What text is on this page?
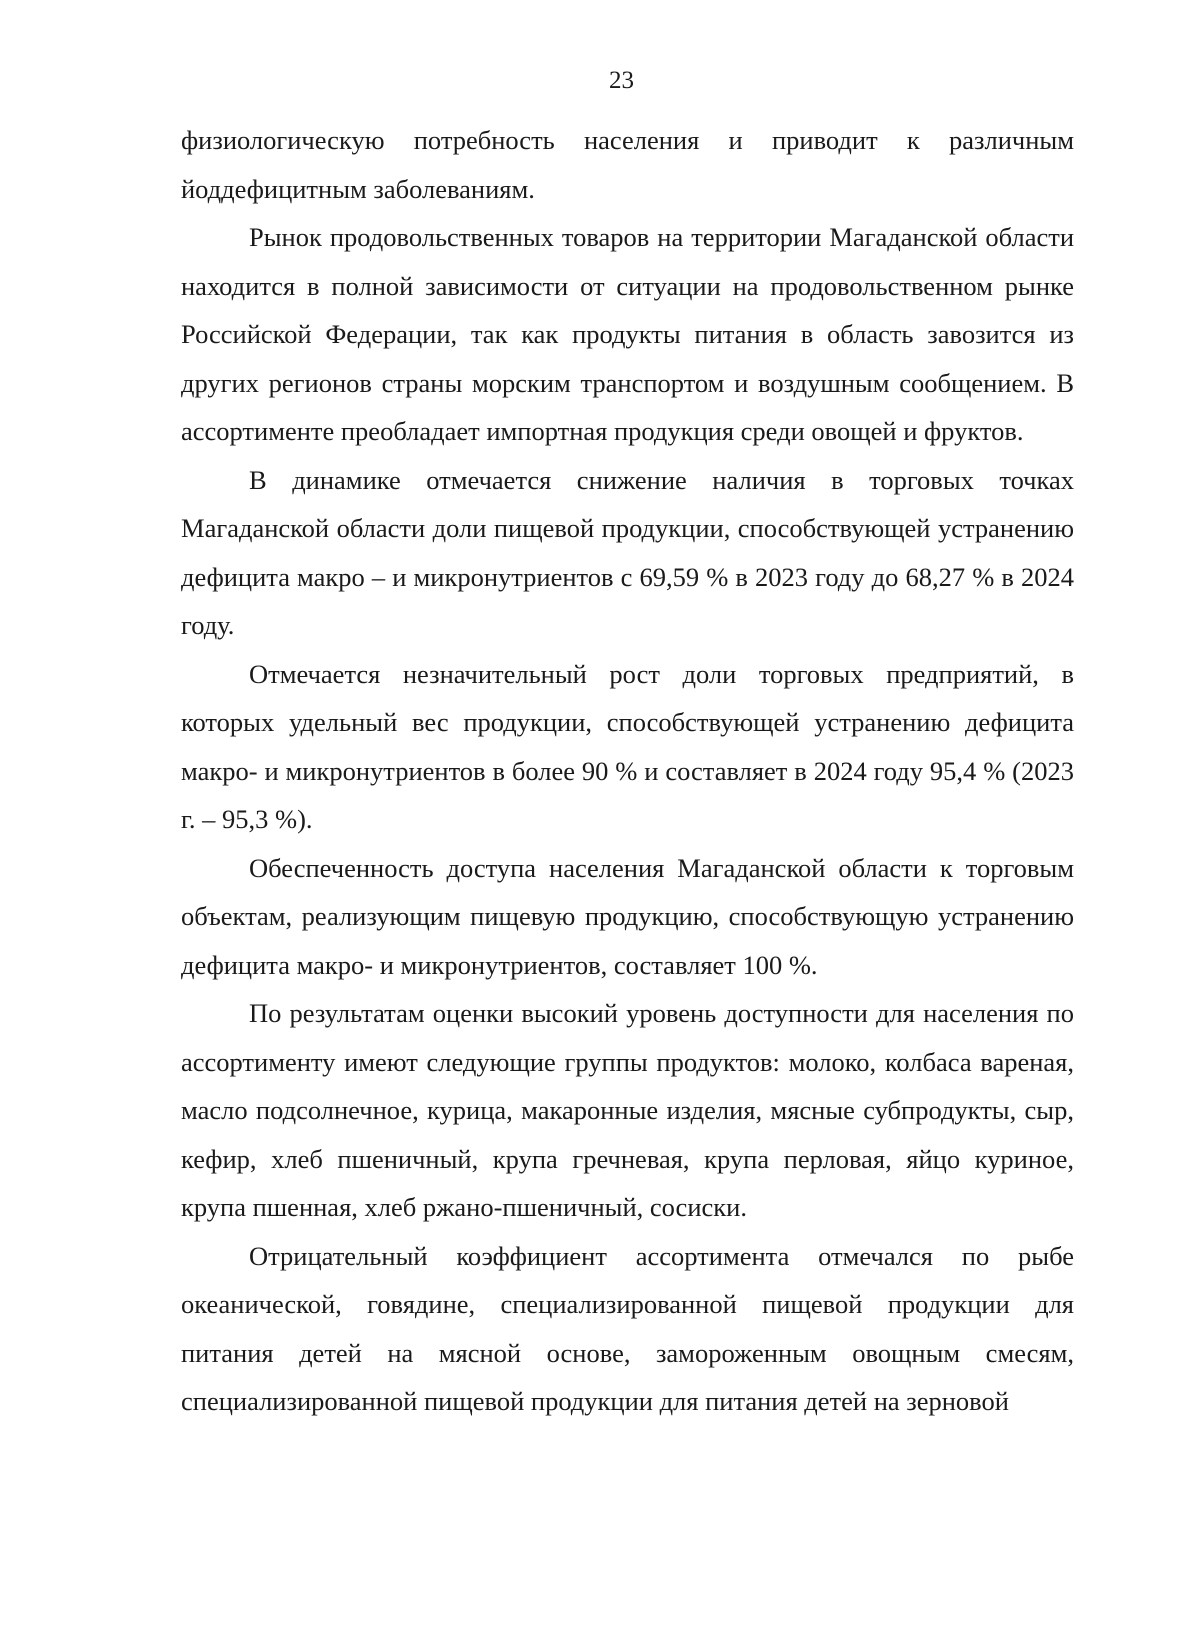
23

физиологическую потребность населения и приводит к различным йоддефицитным заболеваниям.

Рынок продовольственных товаров на территории Магаданской области находится в полной зависимости от ситуации на продовольственном рынке Российской Федерации, так как продукты питания в область завозится из других регионов страны морским транспортом и воздушным сообщением. В ассортименте преобладает импортная продукция среди овощей и фруктов.

В динамике отмечается снижение наличия в торговых точках Магаданской области доли пищевой продукции, способствующей устранению дефицита макро – и микронутриентов с 69,59 % в 2023 году до 68,27 % в 2024 году.

Отмечается незначительный рост доли торговых предприятий, в которых удельный вес продукции, способствующей устранению дефицита макро- и микронутриентов в более 90 % и составляет в 2024 году 95,4 % (2023 г. – 95,3 %).

Обеспеченность доступа населения Магаданской области к торговым объектам, реализующим пищевую продукцию, способствующую устранению дефицита макро- и микронутриентов, составляет 100 %.

По результатам оценки высокий уровень доступности для населения по ассортименту имеют следующие группы продуктов: молоко, колбаса вареная, масло подсолнечное, курица, макаронные изделия, мясные субпродукты, сыр, кефир, хлеб пшеничный, крупа гречневая, крупа перловая, яйцо куриное, крупа пшенная, хлеб ржано-пшеничный, сосиски.

Отрицательный коэффициент ассортимента отмечался по рыбе океанической, говядине, специализированной пищевой продукции для питания детей на мясной основе, замороженным овощным смесям, специализированной пищевой продукции для питания детей на зерновой
